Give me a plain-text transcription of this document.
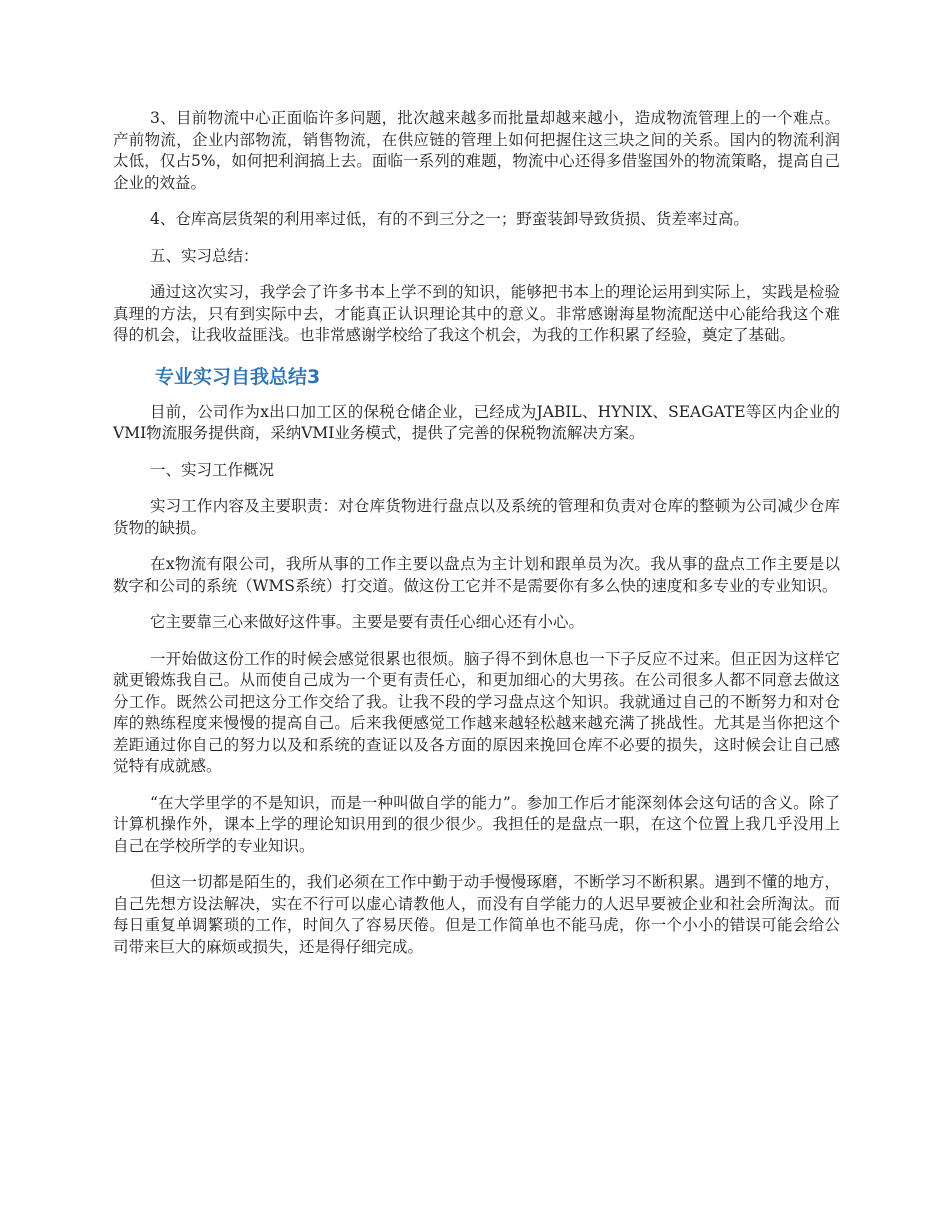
3、目前物流中心正面临许多问题，批次越来越多而批量却越来越小，造成物流管理上的一个难点。产前物流，企业内部物流，销售物流，在供应链的管理上如何把握住这三块之间的关系。国内的物流利润太低，仅占5%，如何把利润搞上去。面临一系列的难题，物流中心还得多借鉴国外的物流策略，提高自己企业的效益。

4、仓库高层货架的利用率过低，有的不到三分之一；野蛮装卸导致货损、货差率过高。

五、实习总结：

通过这次实习，我学会了许多书本上学不到的知识，能够把书本上的理论运用到实际上，实践是检验真理的方法，只有到实际中去，才能真正认识理论其中的意义。非常感谢海星物流配送中心能给我这个难得的机会，让我收益匪浅。也非常感谢学校给了我这个机会，为我的工作积累了经验，奠定了基础。

专业实习自我总结3

目前，公司作为x出口加工区的保税仓储企业，已经成为JABIL、HYNIX、SEAGATE等区内企业的VMI物流服务提供商，采纳VMI业务模式，提供了完善的保税物流解决方案。

一、实习工作概况

实习工作内容及主要职责：对仓库货物进行盘点以及系统的管理和负责对仓库的整顿为公司减少仓库货物的缺损。

在x物流有限公司，我所从事的工作主要以盘点为主计划和跟单员为次。我从事的盘点工作主要是以数字和公司的系统（WMS系统）打交道。做这份工它并不是需要你有多么快的速度和多专业的专业知识。

它主要靠三心来做好这件事。主要是要有责任心细心还有小心。

一开始做这份工作的时候会感觉很累也很烦。脑子得不到休息也一下子反应不过来。但正因为这样它就更锻炼我自己。从而使自己成为一个更有责任心，和更加细心的大男孩。在公司很多人都不同意去做这分工作。既然公司把这分工作交给了我。让我不段的学习盘点这个知识。我就通过自己的不断努力和对仓库的熟练程度来慢慢的提高自己。后来我便感觉工作越来越轻松越来越充满了挑战性。尤其是当你把这个差距通过你自己的努力以及和系统的查证以及各方面的原因来挽回仓库不必要的损失，这时候会让自己感觉特有成就感。

“在大学里学的不是知识，而是一种叫做自学的能力”。参加工作后才能深刻体会这句话的含义。除了计算机操作外，课本上学的理论知识用到的很少很少。我担任的是盘点一职，在这个位置上我几乎没用上自己在学校所学的专业知识。

但这一切都是陌生的，我们必须在工作中勤于动手慢慢琢磨，不断学习不断积累。遇到不懂的地方，自己先想方设法解决，实在不行可以虚心请教他人，而没有自学能力的人迟早要被企业和社会所淘汰。而每日重复单调繁琐的工作，时间久了容易厌倦。但是工作简单也不能马虎，你一个小小的错误可能会给公司带来巨大的麻烦或损失，还是得仔细完成。
